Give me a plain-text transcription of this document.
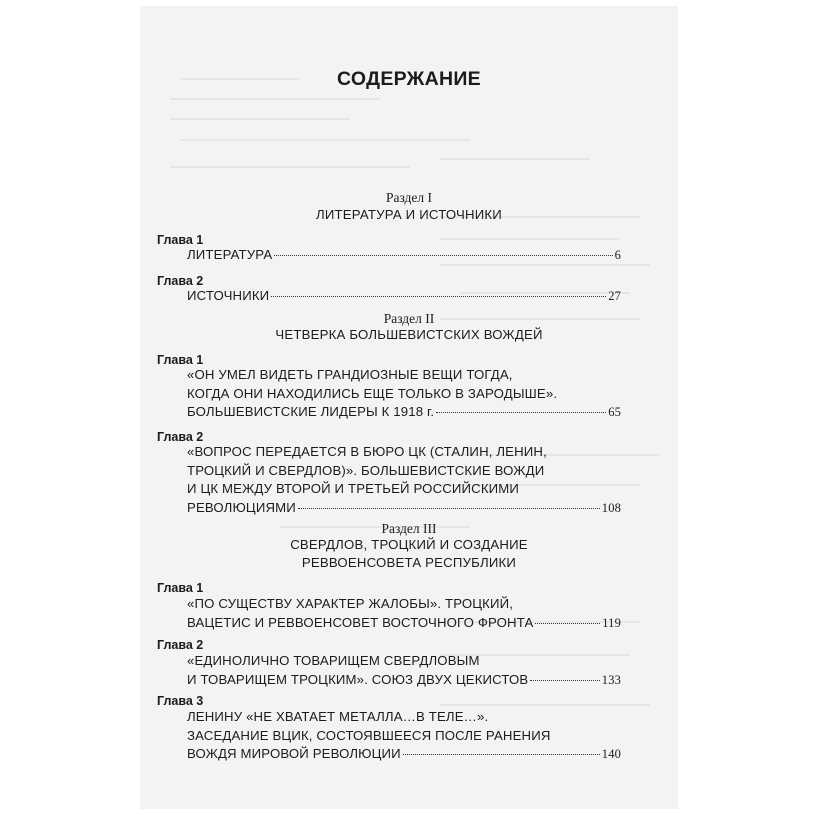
СОДЕРЖАНИЕ
Раздел I
ЛИТЕРАТУРА И ИСТОЧНИКИ
Глава 1
ЛИТЕРАТУРА	6
Глава 2
ИСТОЧНИКИ	27
Раздел II
ЧЕТВЕРКА БОЛЬШЕВИСТСКИХ ВОЖДЕЙ
Глава 1
«ОН УМЕЛ ВИДЕТЬ ГРАНДИОЗНЫЕ ВЕЩИ ТОГДА,
КОГДА ОНИ НАХОДИЛИСЬ ЕЩЕ ТОЛЬКО В ЗАРОДЫШЕ».
БОЛЬШЕВИСТСКИЕ ЛИДЕРЫ К 1918 г.	65
Глава 2
«ВОПРОС ПЕРЕДАЕТСЯ В БЮРО ЦК (СТАЛИН, ЛЕНИН,
ТРОЦКИЙ И СВЕРДЛОВ)». БОЛЬШЕВИСТСКИЕ ВОЖДИ
И ЦК МЕЖДУ ВТОРОЙ И ТРЕТЬЕЙ РОССИЙСКИМИ
РЕВОЛЮЦИЯМИ	108
Раздел III
СВЕРДЛОВ, ТРОЦКИЙ И СОЗДАНИЕ
РЕВВОЕНСОВЕТА РЕСПУБЛИКИ
Глава 1
«ПО СУЩЕСТВУ ХАРАКТЕР ЖАЛОБЫ». ТРОЦКИЙ,
ВАЦЕТИС И РЕВВОЕНСОВЕТ ВОСТОЧНОГО ФРОНТА	119
Глава 2
«ЕДИНОЛИЧНО ТОВАРИЩЕМ СВЕРДЛОВЫМ
И ТОВАРИЩЕМ ТРОЦКИМ». СОЮЗ ДВУХ ЦЕКИСТОВ	133
Глава 3
ЛЕНИНУ «НЕ ХВАТАЕТ МЕТАЛЛА…В ТЕЛЕ…».
ЗАСЕДАНИЕ ВЦИК, СОСТОЯВШЕЕСЯ ПОСЛЕ РАНЕНИЯ
ВОЖДЯ МИРОВОЙ РЕВОЛЮЦИИ	140
